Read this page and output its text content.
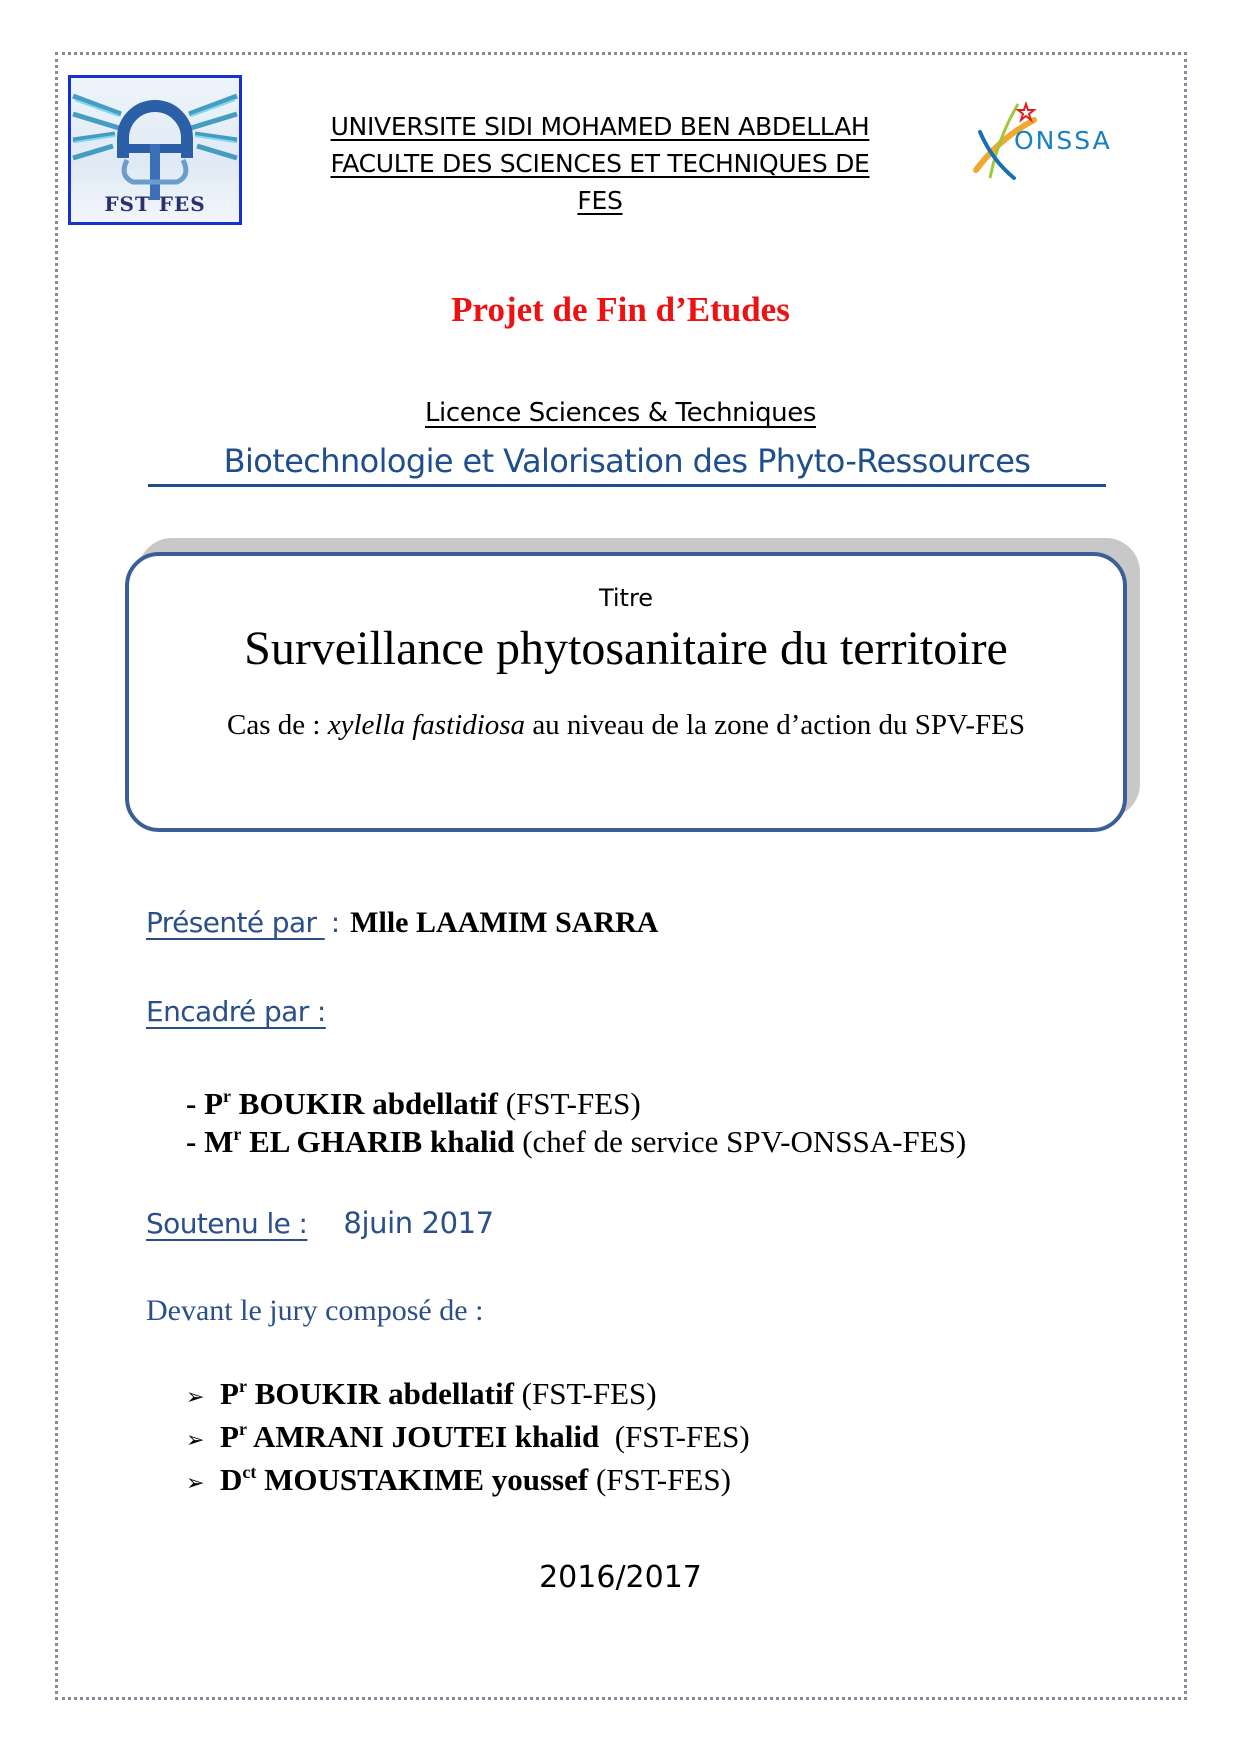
FST FES
UNIVERSITE SIDI MOHAMED BEN ABDELLAH
FACULTE DES SCIENCES ET TECHNIQUES DE
FES
ONSSA
Projet de Fin d’Etudes
Licence Sciences & Techniques
Biotechnologie et Valorisation des Phyto-Ressources
Titre
Surveillance phytosanitaire du territoire
Cas de : xylella fastidiosa au niveau de la zone d’action du SPV-FES
Présenté par : Mlle LAAMIM SARRA
Encadré par :
- $P^r$ BOUKIR abdellatif (FST-FES)
- $M^r$ EL GHARIB khalid (chef de service SPV-ONSSA-FES)
Soutenu le : 8juin 2017
Devant le jury composé de :
➢ $P^r$ BOUKIR abdellatif (FST-FES)
➢ $P^r$ AMRANI JOUTEI khalid  (FST-FES)
➢ $D^{ct}$ MOUSTAKIME youssef (FST-FES)
2016/2017
